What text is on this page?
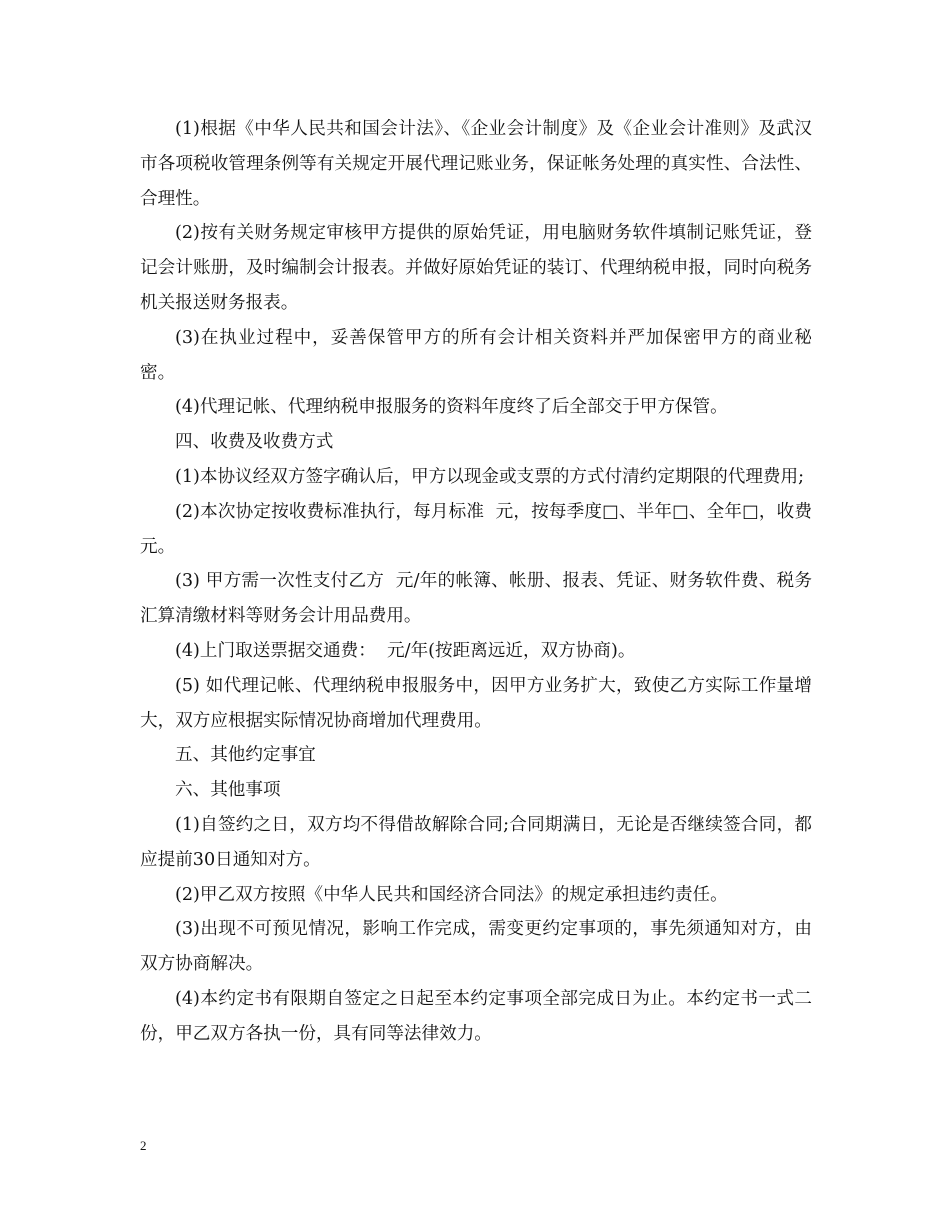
(1)根据《中华人民共和国会计法》、《企业会计制度》及《企业会计准则》及武汉市各项税收管理条例等有关规定开展代理记账业务，保证帐务处理的真实性、合法性、合理性。

(2)按有关财务规定审核甲方提供的原始凭证，用电脑财务软件填制记账凭证，登记会计账册，及时编制会计报表。并做好原始凭证的装订、代理纳税申报，同时向税务机关报送财务报表。

(3)在执业过程中，妥善保管甲方的所有会计相关资料并严加保密甲方的商业秘密。

(4)代理记帐、代理纳税申报服务的资料年度终了后全部交于甲方保管。

四、收费及收费方式

(1)本协议经双方签字确认后，甲方以现金或支票的方式付清约定期限的代理费用;

(2)本次协定按收费标准执行，每月标准  元，按每季度□、半年□、全年□，收费  元。

(3) 甲方需一次性支付乙方  元/年的帐簿、帐册、报表、凭证、财务软件费、税务汇算清缴材料等财务会计用品费用。

(4)上门取送票据交通费：  元/年(按距离远近，双方协商)。

(5) 如代理记帐、代理纳税申报服务中，因甲方业务扩大，致使乙方实际工作量增大，双方应根据实际情况协商增加代理费用。

五、其他约定事宜

六、其他事项

(1)自签约之日，双方均不得借故解除合同;合同期满日，无论是否继续签合同，都应提前30日通知对方。

(2)甲乙双方按照《中华人民共和国经济合同法》的规定承担违约责任。

(3)出现不可预见情况，影响工作完成，需变更约定事项的，事先须通知对方，由双方协商解决。

(4)本约定书有限期自签定之日起至本约定事项全部完成日为止。本约定书一式二份，甲乙双方各执一份，具有同等法律效力。

2
